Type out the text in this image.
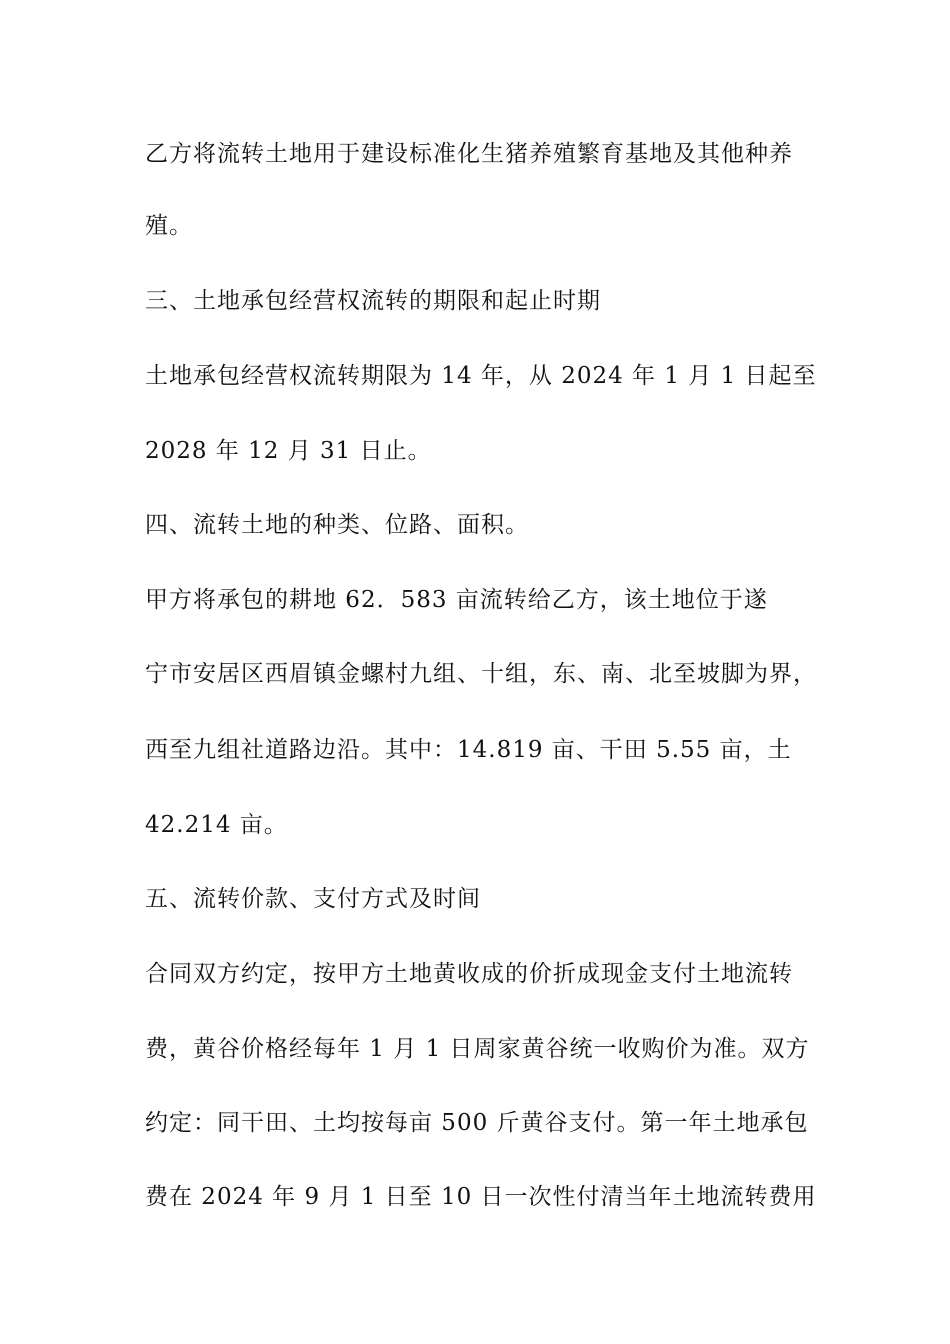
乙方将流转土地用于建设标准化生猪养殖繁育基地及其他种养
殖。
三、土地承包经营权流转的期限和起止时期
土地承包经营权流转期限为 14 年，从 2024 年 1 月 1 日起至
2028 年 12 月 31 日止。
四、流转土地的种类、位路、面积。
甲方将承包的耕地 62．583 亩流转给乙方，该土地位于遂
宁市安居区西眉镇金螺村九组、十组，东、南、北至坡脚为界，
西至九组社道路边沿。其中：14.819 亩、干田 5.55 亩，土
42.214 亩。
五、流转价款、支付方式及时间
合同双方约定，按甲方土地黄收成的价折成现金支付土地流转
费，黄谷价格经每年 1 月 1 日周家黄谷统一收购价为准。双方
约定：同干田、土均按每亩 500 斤黄谷支付。第一年土地承包
费在 2024 年 9 月 1 日至 10 日一次性付清当年土地流转费用
